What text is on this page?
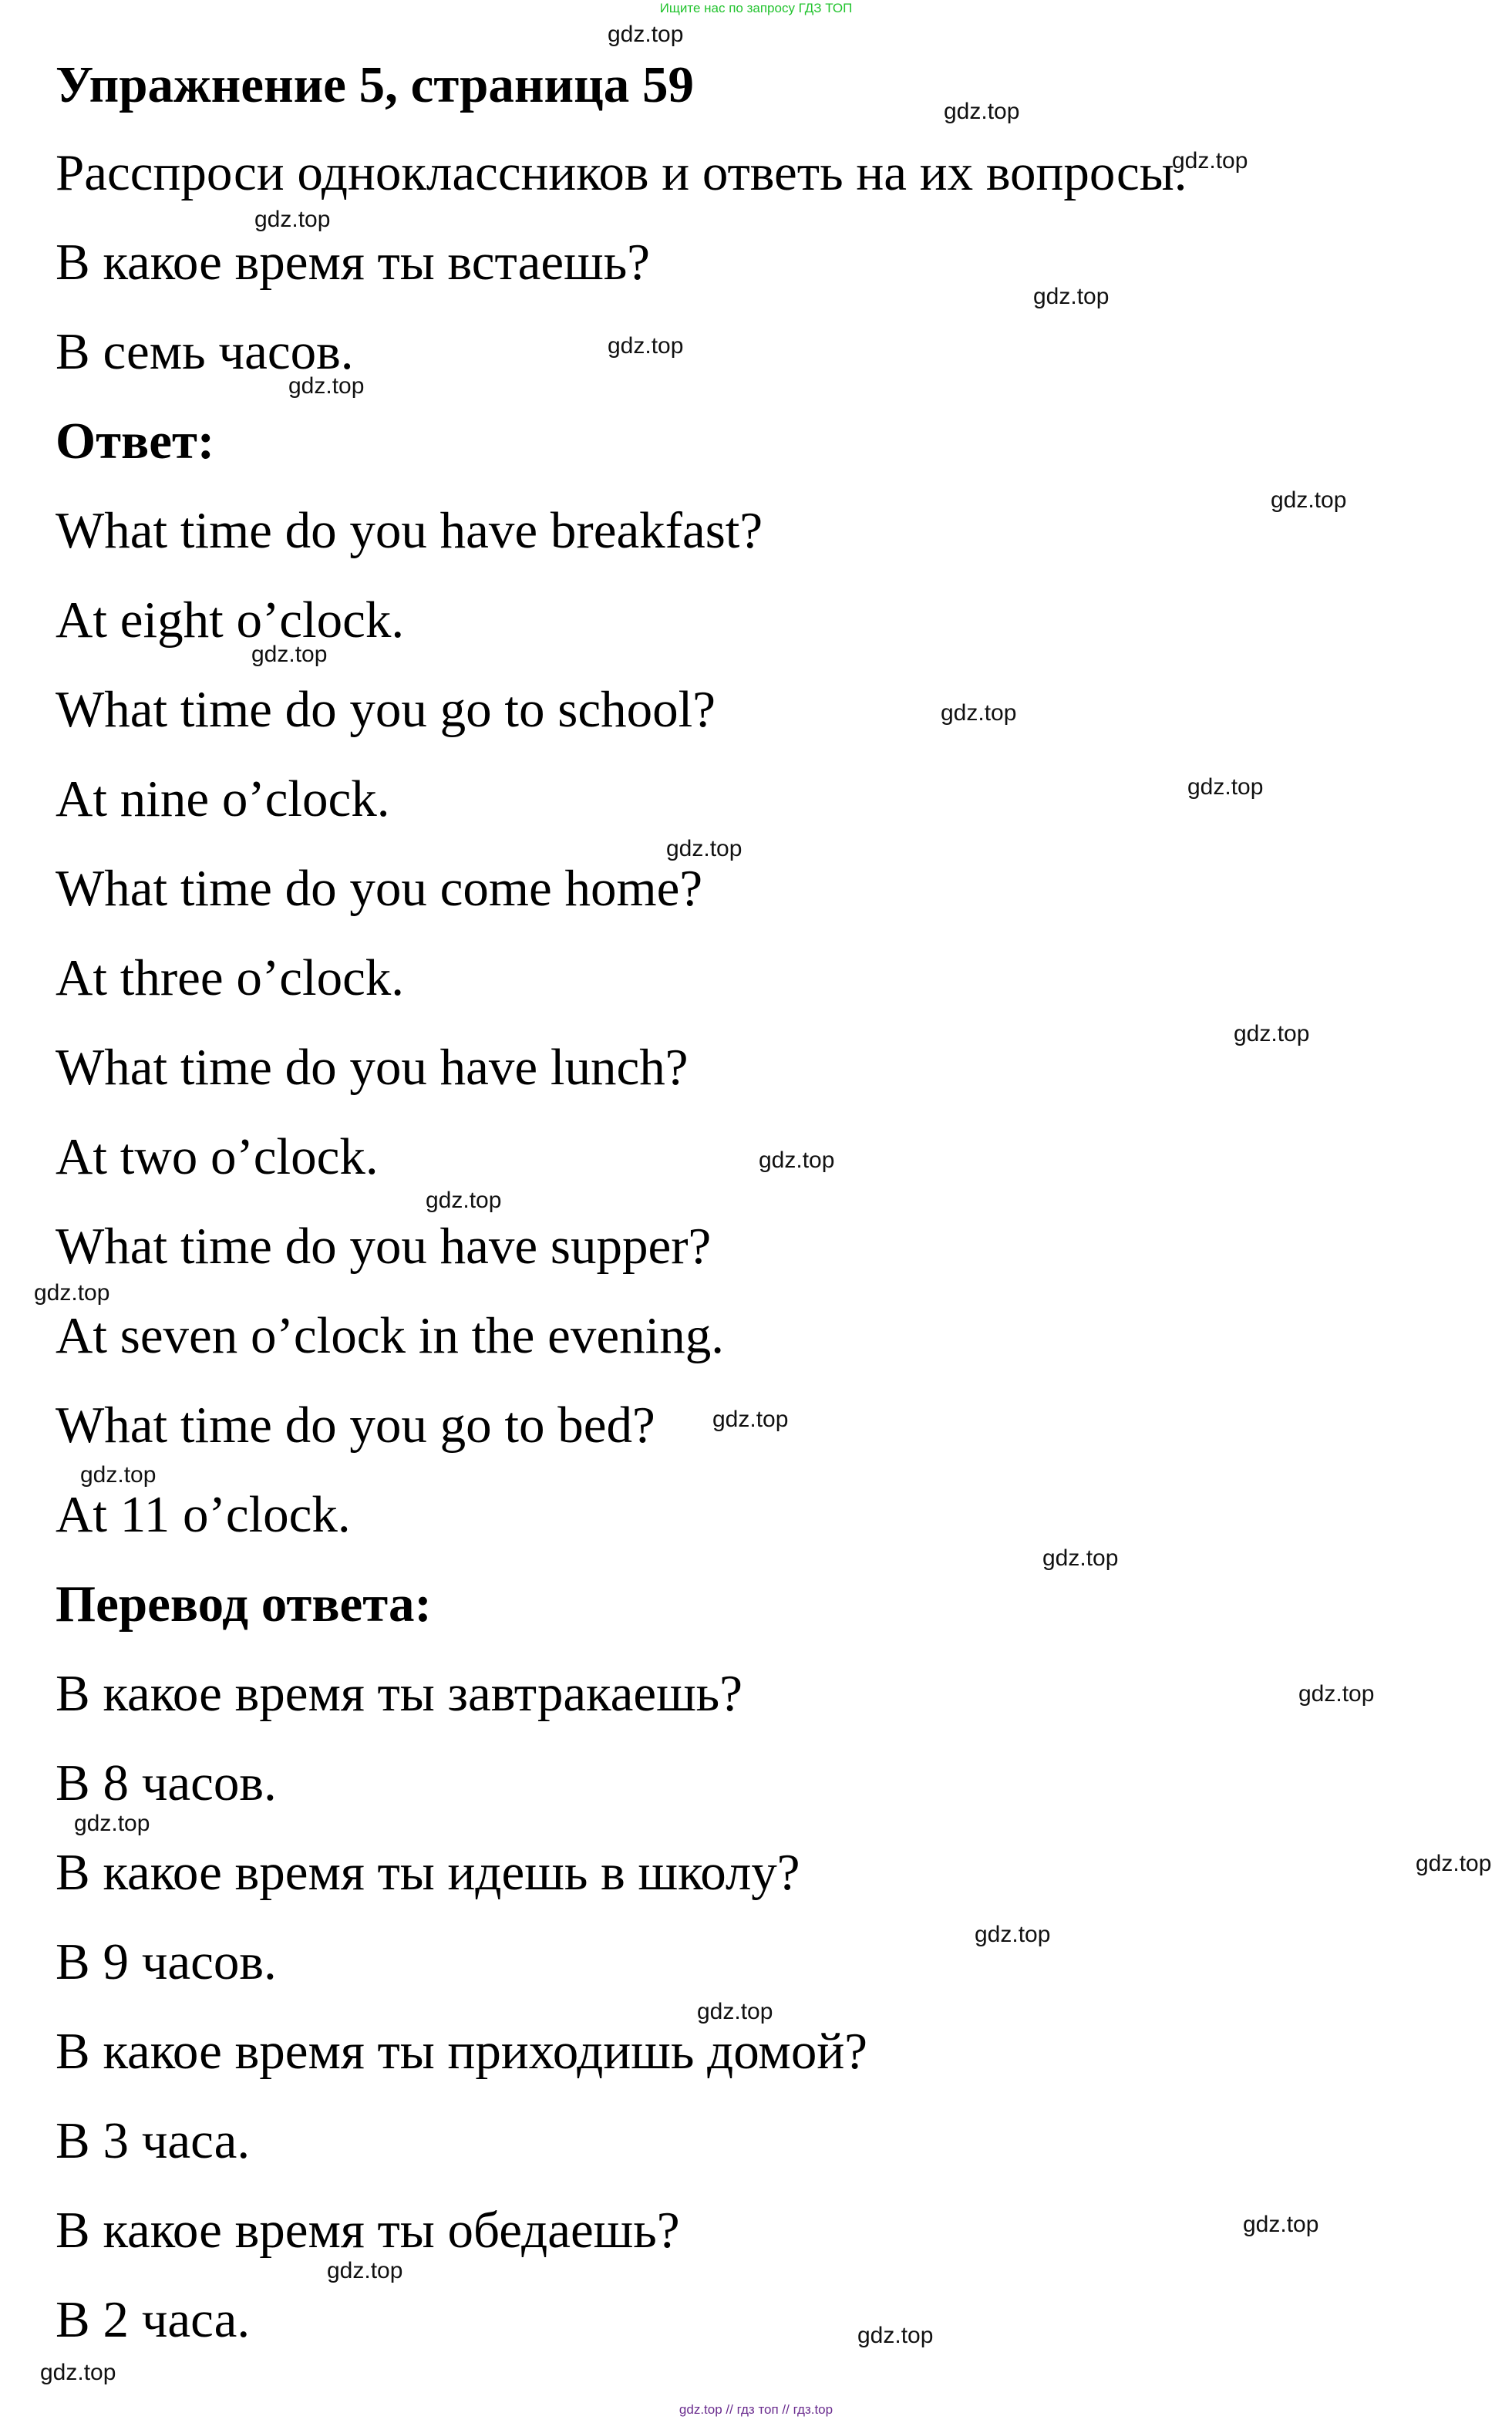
Ищите нас по запросу ГДЗ ТОП
Упражнение 5, страница 59
Расспроси одноклассников и ответь на их вопросы.
В какое время ты встаешь?
В семь часов.
Ответ:
What time do you have breakfast?
At eight o’clock.
What time do you go to school?
At nine o’clock.
What time do you come home?
At three o’clock.
What time do you have lunch?
At two o’clock.
What time do you have supper?
At seven o’clock in the evening.
What time do you go to bed?
At 11 o’clock.
Перевод ответа:
В какое время ты завтракаешь?
В 8 часов.
В какое время ты идешь в школу?
В 9 часов.
В какое время ты приходишь домой?
В 3 часа.
В какое время ты обедаешь?
В 2 часа.
gdz.top
gdz.top
gdz.top
gdz.top
gdz.top
gdz.top
gdz.top
gdz.top
gdz.top
gdz.top
gdz.top
gdz.top
gdz.top
gdz.top
gdz.top
gdz.top
gdz.top
gdz.top
gdz.top
gdz.top
gdz.top
gdz.top
gdz.top
gdz.top
gdz.top
gdz.top
gdz.top
gdz.top
gdz.top // гдз топ // гдз.top
